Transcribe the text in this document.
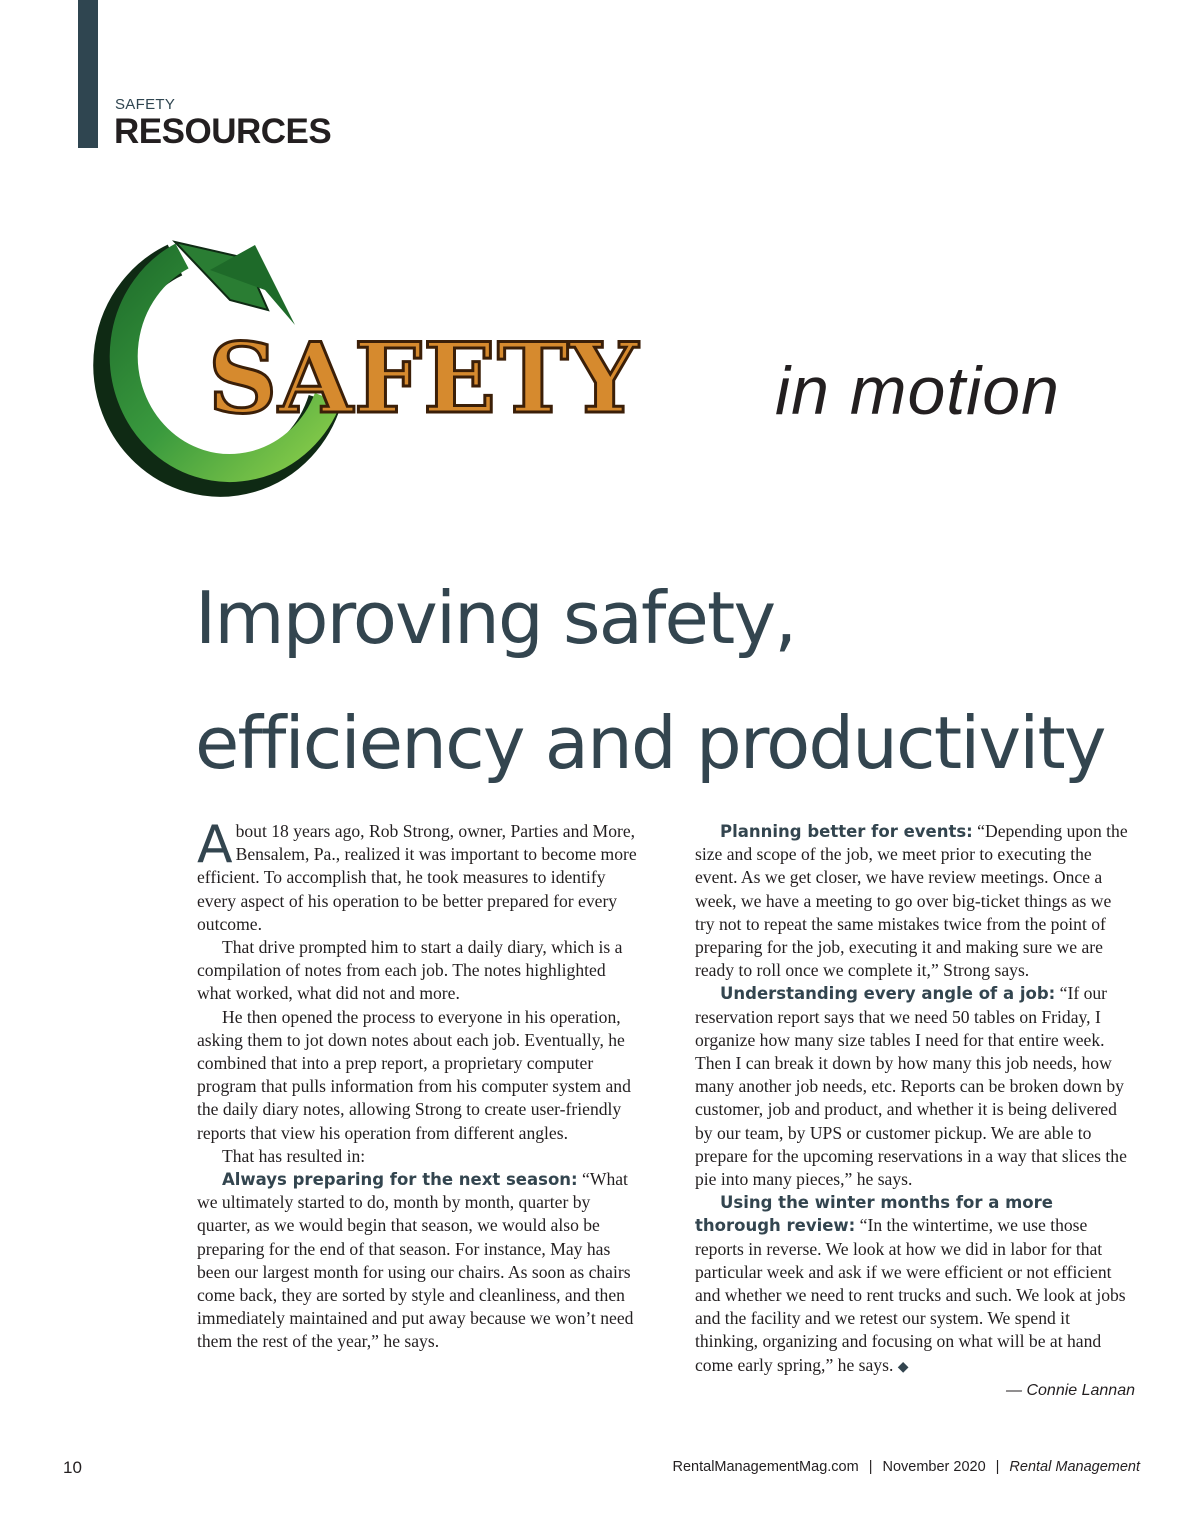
SAFETY
RESOURCES
SAFETY in motion
Improving safety,
efficiency and productivity

About 18 years ago, Rob Strong, owner, Parties and More, Bensalem, Pa., realized it was important to become more efficient. To accomplish that, he took measures to identify every aspect of his operation to be better prepared for every outcome.

That drive prompted him to start a daily diary, which is a compilation of notes from each job. The notes highlighted what worked, what did not and more.

He then opened the process to everyone in his operation, asking them to jot down notes about each job. Eventually, he combined that into a prep report, a proprietary computer program that pulls information from his computer system and the daily diary notes, allowing Strong to create user-friendly reports that view his operation from different angles.

That has resulted in:

Always preparing for the next season: “What we ultimately started to do, month by month, quarter by quarter, as we would begin that season, we would also be preparing for the end of that season. For instance, May has been our largest month for using our chairs. As soon as chairs come back, they are sorted by style and cleanliness, and then immediately maintained and put away because we won’t need them the rest of the year,” he says.

Planning better for events: “Depending upon the size and scope of the job, we meet prior to executing the event. As we get closer, we have review meetings. Once a week, we have a meeting to go over big-ticket things as we try not to repeat the same mistakes twice from the point of preparing for the job, executing it and making sure we are ready to roll once we complete it,” Strong says.

Understanding every angle of a job: “If our reservation report says that we need 50 tables on Friday, I organize how many size tables I need for that entire week. Then I can break it down by how many this job needs, how many another job needs, etc. Reports can be broken down by customer, job and product, and whether it is being delivered by our team, by UPS or customer pickup. We are able to prepare for the upcoming reservations in a way that slices the pie into many pieces,” he says.

Using the winter months for a more thorough review: “In the wintertime, we use those reports in reverse. We look at how we did in labor for that particular week and ask if we were efficient or not efficient and whether we need to rent trucks and such. We look at jobs and the facility and we retest our system. We spend it thinking, organizing and focusing on what will be at hand come early spring,” he says. ◆

— Connie Lannan

10	RentalManagementMag.com | November 2020 | Rental Management
